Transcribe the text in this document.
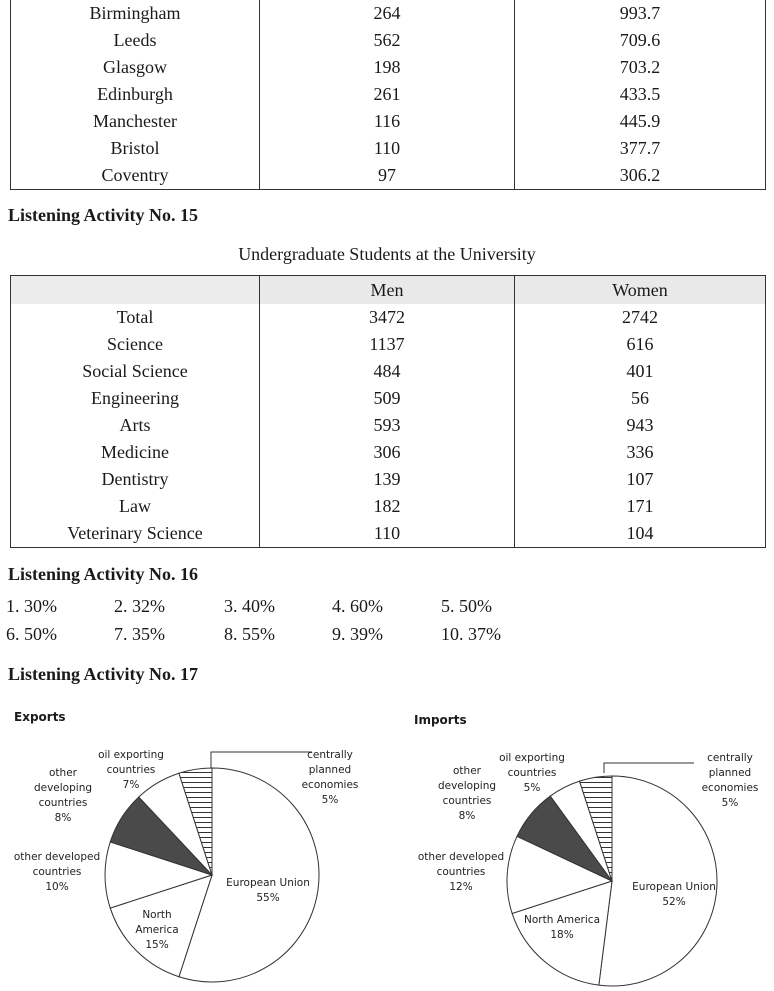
Birmingham	264	993.7
Leeds	562	709.6
Glasgow	198	703.2
Edinburgh	261	433.5
Manchester	116	445.9
Bristol	110	377.7
Coventry	97	306.2
Listening Activity No. 15
Undergraduate Students at the University
	Men	Women
Total	3472	2742
Science	1137	616
Social Science	484	401
Engineering	509	56
Arts	593	943
Medicine	306	336
Dentistry	139	107
Law	182	171
Veterinary Science	110	104
Listening Activity No. 16
1. 30%	2. 32%	3. 40%	4. 60%	5. 50%
6. 50%	7. 35%	8. 55%	9. 39%	10. 37%
Listening Activity No. 17
Exports	Imports
European Union 55%
North America 15%
other developed countries 10%
other developing countries 8%
oil exporting countries 7%
centrally planned economies 5%
European Union 52%
North America 18%
other developed countries 12%
other developing countries 8%
oil exporting countries 5%
centrally planned economies 5%
